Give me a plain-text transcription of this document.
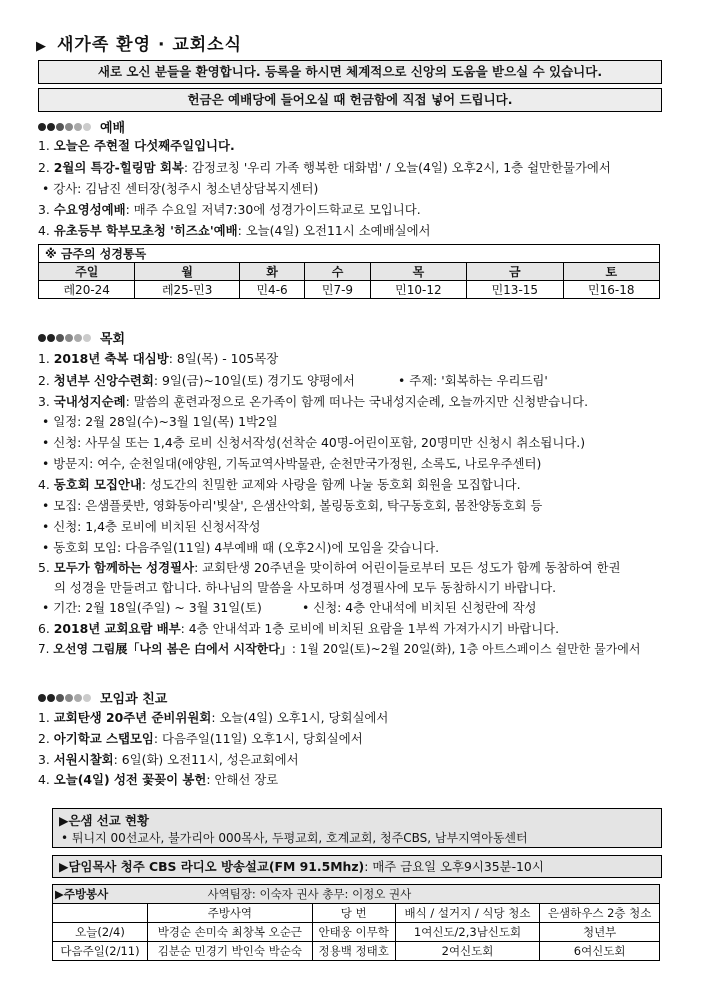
▶ 새가족 환영 · 교회소식
새로 오신 분들을 환영합니다. 등록을 하시면 체계적으로 신앙의 도움을 받으실 수 있습니다.
헌금은 예배당에 들어오실 때 헌금함에 직접 넣어 드립니다.
예배
1. 오늘은 주현절 다섯째주일입니다.
2. 2월의 특강-힐링맘 회복: 감정코칭 '우리 가족 행복한 대화법' / 오늘(4일) 오후2시, 1층 쉴만한물가에서
• 강사: 김남진 센터장(청주시 청소년상담복지센터)
3. 수요영성예배: 매주 수요일 저녁7:30에 성경가이드학교로 모입니다.
4. 유초등부 학부모초청 '히즈쇼'예배: 오늘(4일) 오전11시 소예배실에서
※ 금주의 성경통독						
주일	월	화	수	목	금	토
레20-24	레25-민3	민4-6	민7-9	민10-12	민13-15	민16-18
목회
1. 2018년 축복 대심방: 8일(목) - 105목장
2. 청년부 신앙수련회: 9일(금)~10일(토) 경기도 양평에서	• 주제: '회복하는 우리드림'
3. 국내성지순례: 말씀의 훈련과정으로 온가족이 함께 떠나는 국내성지순례, 오늘까지만 신청받습니다.
• 일정: 2월 28일(수)~3월 1일(목) 1박2일
• 신청: 사무실 또는 1,4층 로비 신청서작성(선착순 40명-어린이포함, 20명미만 신청시 취소됩니다.)
• 방문지: 여수, 순천일대(애양원, 기독교역사박물관, 순천만국가정원, 소록도, 나로우주센터)
4. 동호회 모집안내: 성도간의 친밀한 교제와 사랑을 함께 나눌 동호회 회원을 모집합니다.
• 모집: 은샘플룻반, 영화동아리'빛살', 은샘산악회, 볼링동호회, 탁구동호회, 몸찬양동호회 등
• 신청: 1,4층 로비에 비치된 신청서작성
• 동호회 모임: 다음주일(11일) 4부예배 때 (오후2시)에 모임을 갖습니다.
5. 모두가 함께하는 성경필사: 교회탄생 20주년을 맞이하여 어린이들로부터 모든 성도가 함께 동참하여 한권
의 성경을 만들려고 합니다. 하나님의 말씀을 사모하며 성경필사에 모두 동참하시기 바랍니다.
• 기간: 2월 18일(주일) ~ 3월 31일(토)	• 신청: 4층 안내석에 비치된 신청란에 작성
6. 2018년 교회요람 배부: 4층 안내석과 1층 로비에 비치된 요람을 1부씩 가져가시기 바랍니다.
7. 오선영 그림展「나의 봄은 白에서 시작한다」: 1월 20일(토)~2월 20일(화), 1층 아트스페이스 쉴만한 물가에서
모임과 친교
1. 교회탄생 20주년 준비위원회: 오늘(4일) 오후1시, 당회실에서
2. 아기학교 스탭모임: 다음주일(11일) 오후1시, 당회실에서
3. 서원시찰회: 6일(화) 오전11시, 성은교회에서
4. 오늘(4일) 성전 꽃꽂이 봉헌: 안해선 장로
▶은샘 선교 현황
• 튀니지 00선교사, 불가리아 000목사, 두평교회, 호계교회, 청주CBS, 남부지역아동센터
▶담임목사 청주 CBS 라디오 방송설교(FM 91.5Mhz): 매주 금요일 오후9시35분-10시
▶주방봉사	사역팀장: 이숙자 권사 총무: 이정오 권사			
	주방사역	당 번	배식 / 설거지 / 식당 청소	은샘하우스 2층 청소
오늘(2/4)	박경순 손미숙 최창복 오순근	안태웅 이무학	1여신도/2,3남신도회	청년부
다음주일(2/11)	김분순 민경기 박인숙 박순숙	정용백 정태호	2여신도회	6여신도회
